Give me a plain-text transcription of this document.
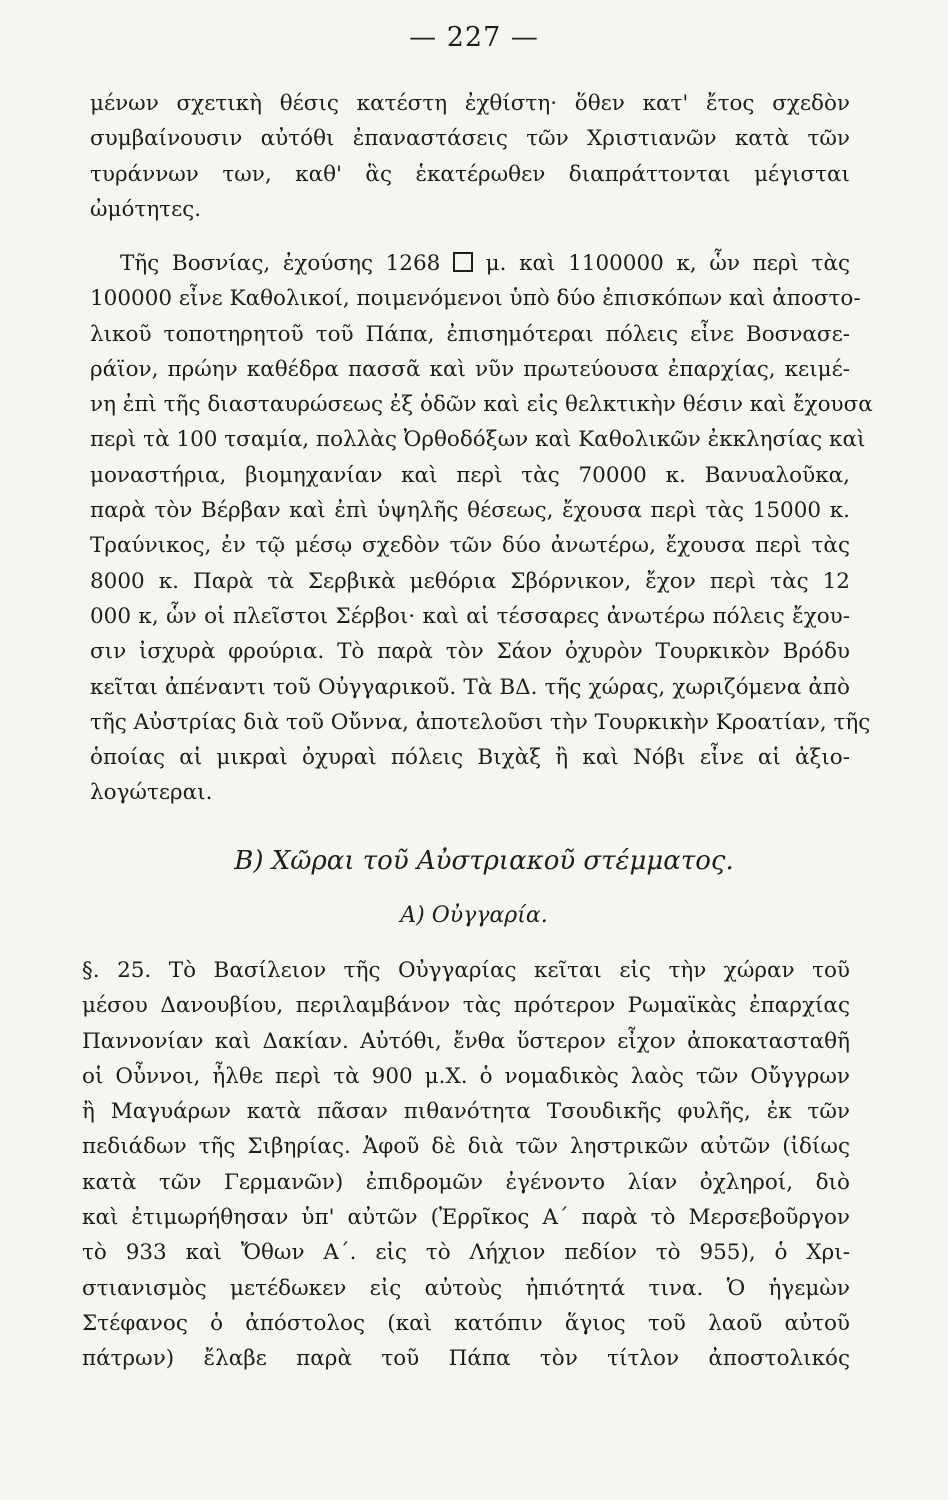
— 227 —
μένων σχετικὴ θέσις κατέστη ἐχθίστη· ὅθεν κατ' ἔτος σχεδὸν
συμβαίνουσιν αὐτόθι ἐπαναστάσεις τῶν Χριστιανῶν κατὰ τῶν
τυράννων των, καθ' ἃς ἑκατέρωθεν διαπράττονται μέγισται
ὠμότητες.
Τῆς Βοσνίας, ἐχούσης 1268 μ. καὶ 1100000 κ, ὧν περὶ τὰς
100000 εἶνε Καθολικοί, ποιμενόμενοι ὑπὸ δύο ἐπισκόπων καὶ ἀποστο-
λικοῦ τοποτηρητοῦ τοῦ Πάπα, ἐπισημότεραι πόλεις εἶνε Βοσνασε-
ράϊον, πρώην καθέδρα πασσᾶ καὶ νῦν πρωτεύουσα ἐπαρχίας, κειμέ-
νη ἐπὶ τῆς διασταυρώσεως ἐξ ὁδῶν καὶ εἰς θελκτικὴν θέσιν καὶ ἔχουσα
περὶ τὰ 100 τσαμία, πολλὰς Ὀρθοδόξων καὶ Καθολικῶν ἐκκλησίας καὶ
μοναστήρια, βιομηχανίαν καὶ περὶ τὰς 70000 κ. Βανυαλοῦκα,
παρὰ τὸν Βέρβαν καὶ ἐπὶ ὑψηλῆς θέσεως, ἔχουσα περὶ τὰς 15000 κ.
Τραύνικος, ἐν τῷ μέσῳ σχεδὸν τῶν δύο ἀνωτέρω, ἔχουσα περὶ τὰς
8000 κ. Παρὰ τὰ Σερβικὰ μεθόρια Σβόρνικον, ἔχον περὶ τὰς 12
000 κ, ὧν οἱ πλεῖστοι Σέρβοι· καὶ αἱ τέσσαρες ἀνωτέρω πόλεις ἔχου-
σιν ἰσχυρὰ φρούρια. Τὸ παρὰ τὸν Σάον ὀχυρὸν Τουρκικὸν Βρόδυ
κεῖται ἀπέναντι τοῦ Οὐγγαρικοῦ. Τὰ ΒΔ. τῆς χώρας, χωριζόμενα ἀπὸ
τῆς Αὐστρίας διὰ τοῦ Οὔννα, ἀποτελοῦσι τὴν Τουρκικὴν Κροατίαν, τῆς
ὁποίας αἱ μικραὶ ὀχυραὶ πόλεις Βιχὰξ ἢ καὶ Νόβι εἶνε αἱ ἀξιο-
λογώτεραι.
B) Χῶραι τοῦ Αὐστριακοῦ στέμματος.
A) Οὐγγαρία.
§. 25. Τὸ Βασίλειον τῆς Οὐγγαρίας κεῖται εἰς τὴν χώραν τοῦ
μέσου Δανουβίου, περιλαμβάνον τὰς πρότερον Ρωμαϊκὰς ἐπαρχίας
Παννονίαν καὶ Δακίαν. Αὐτόθι, ἔνθα ὕστερον εἶχον ἀποκατασταθῆ
οἱ Οὖννοι, ἦλθε περὶ τὰ 900 μ.Χ. ὁ νομαδικὸς λαὸς τῶν Οὔγγρων
ἢ Μαγυάρων κατὰ πᾶσαν πιθανότητα Τσουδικῆς φυλῆς, ἐκ τῶν
πεδιάδων τῆς Σιβηρίας. Ἀφοῦ δὲ διὰ τῶν ληστρικῶν αὐτῶν (ἰδίως
κατὰ τῶν Γερμανῶν) ἐπιδρομῶν ἐγένοντο λίαν ὀχληροί, διὸ
καὶ ἐτιμωρήθησαν ὑπ' αὐτῶν (Ἐρρῖκος Α΄ παρὰ τὸ Μερσεβοῦργον
τὸ 933 καὶ Ὄθων Α΄. εἰς τὸ Λήχιον πεδίον τὸ 955), ὁ Χρι-
στιανισμὸς μετέδωκεν εἰς αὐτοὺς ἠπιότητά τινα. Ὁ ἡγεμὼν
Στέφανος ὁ ἀπόστολος (καὶ κατόπιν ἅγιος τοῦ λαοῦ αὐτοῦ
πάτρων) ἔλαβε παρὰ τοῦ Πάπα τὸν τίτλον ἀποστολικός
